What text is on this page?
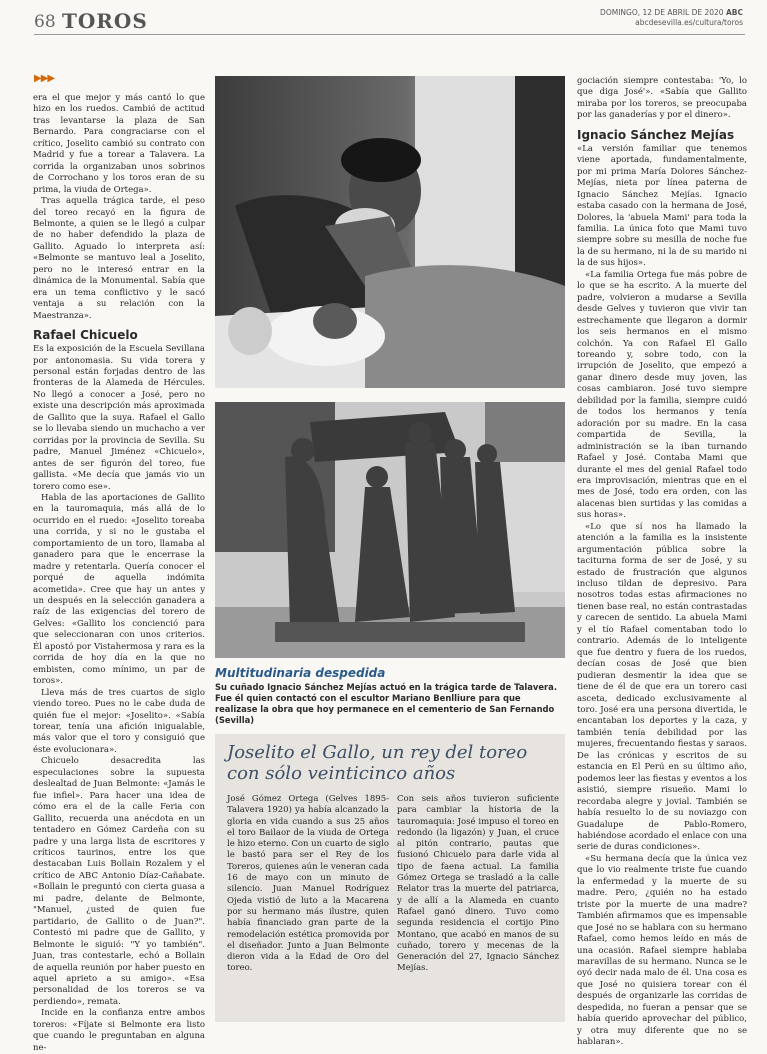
68 TOROS	DOMINGO, 12 DE ABRIL DE 2020 ABC
abcdesevilla.es/cultura/toros
▶▶▶

era el que mejor y más cantó lo que hizo en los ruedos. Cambió de actitud tras levantarse la plaza de San Bernardo. Para congraciarse con el crítico, Joselito cambió su contrato con Madrid y fue a torear a Talavera. La corrida la organizaban unos sobrinos de Corrochano y los toros eran de su prima, la viuda de Ortega».

Tras aquella trágica tarde, el peso del toreo recayó en la figura de Belmonte, a quien se le llegó a culpar de no haber defendido la plaza de Gallito. Aguado lo interpreta así: «Belmonte se mantuvo leal a Joselito, pero no le interesó entrar en la dinámica de la Monumental. Sabía que era un tema conflictivo y le sacó ventaja a su relación con la Maestranza».

Rafael Chicuelo

Es la exposición de la Escuela Sevillana por antonomasia. Su vida torera y personal están forjadas dentro de las fronteras de la Alameda de Hércules. No llegó a conocer a José, pero no existe una descripción más aproximada de Gallito que la suya. Rafael el Gallo se lo llevaba siendo un muchacho a ver corridas por la provincia de Sevilla. Su padre, Manuel Jiménez «Chicuelo», antes de ser figurón del toreo, fue gallista. «Me decía que jamás vio un torero como ese».

Habla de las aportaciones de Gallito en la tauromaquia, más allá de lo ocurrido en el ruedo: «Joselito toreaba una corrida, y si no le gustaba el comportamiento de un toro, llamaba al ganadero para que le encerrase la madre y retentarla. Quería conocer el porqué de aquella indómita acometida». Cree que hay un antes y un después en la selección ganadera a raíz de las exigencias del torero de Gelves: «Gallito los concienció para que seleccionaran con unos criterios. Él apostó por Vistahermosa y rara es la corrida de hoy día en la que no embisten, como mínimo, un par de toros».

Lleva más de tres cuartos de siglo viendo toreo. Pues no le cabe duda de quién fue el mejor: «Joselito». «Sabía torear, tenía una afición inigualable, más valor que el toro y consiguió que éste evolucionara».

Chicuelo desacredita las especulaciones sobre la supuesta deslealtad de Juan Belmonte: «Jamás le fue infiel». Para hacer una idea de cómo era el de la calle Feria con Gallito, recuerda una anécdota en un tentadero en Gómez Cardeña con su padre y una larga lista de escritores y críticos taurinos, entre los que destacaban Luis Bollain Rozalem y el crítico de ABC Antonio Díaz-Cañabate. «Bollain le preguntó con cierta guasa a mi padre, delante de Belmonte, "Manuel, ¿usted de quien fue partidario, de Gallito o de Juan?". Contestó mi padre que de Gallito, y Belmonte le siguió: "Y yo también". Juan, tras contestarle, echó a Bollain de aquella reunión por haber puesto en aquel aprieto a su amigo». «Esa personalidad de los toreros se va perdiendo», remata.

Incide en la confianza entre ambos toreros: «Fíjate si Belmonte era listo que cuando le preguntaban en alguna ne-

Multitudinaria despedida
Su cuñado Ignacio Sánchez Mejías actuó en la trágica tarde de Talavera. Fue él quien contactó con el escultor Mariano Benlliure para que realizase la obra que hoy permanece en el cementerio de San Fernando (Sevilla)
Joselito el Gallo, un rey del toreo con sólo veinticinco años
José Gómez Ortega (Gelves 1895-Talavera 1920) ya había alcanzado la gloria en vida cuando a sus 25 años el toro Bailaor de la viuda de Ortega le hizo eterno. Con un cuarto de siglo le bastó para ser el Rey de los Toreros, quienes aún le veneran cada 16 de mayo con un minuto de silencio. Juan Manuel Rodríguez Ojeda vistió de luto a la Macarena por su hermano más ilustre, quien había financiado gran parte de la remodelación estética promovida por el diseñador. Junto a Juan Belmonte dieron vida a la Edad de Oro del toreo.
Con seis años tuvieron suficiente para cambiar la historia de la tauromaquia: José impuso el toreo en redondo (la ligazón) y Juan, el cruce al pitón contrario, pautas que fusionó Chicuelo para darle vida al tipo de faena actual. La familia Gómez Ortega se trasladó a la calle Relator tras la muerte del patriarca, y de allí a la Alameda en cuanto Rafael ganó dinero. Tuvo como segunda residencia el cortijo Pino Montano, que acabó en manos de su cuñado, torero y mecenas de la Generación del 27, Ignacio Sánchez Mejías.

gociación siempre contestaba: 'Yo, lo que diga José'». «Sabía que Gallito miraba por los toreros, se preocupaba por las ganaderías y por el dinero».

Ignacio Sánchez Mejías

«La versión familiar que tenemos viene aportada, fundamentalmente, por mi prima María Dolores Sánchez-Mejías, nieta por línea paterna de Ignacio Sánchez Mejías. Ignacio estaba casado con la hermana de José, Dolores, la 'abuela Mami' para toda la familia. La única foto que Mami tuvo siempre sobre su mesilla de noche fue la de su hermano, ni la de su marido ni la de sus hijos».

«La familia Ortega fue más pobre de lo que se ha escrito. A la muerte del padre, volvieron a mudarse a Sevilla desde Gelves y tuvieron que vivir tan estrechamente que llegaron a dormir los seis hermanos en el mismo colchón. Ya con Rafael El Gallo toreando y, sobre todo, con la irrupción de Joselito, que empezó a ganar dinero desde muy joven, las cosas cambiaron. José tuvo siempre debilidad por la familia, siempre cuidó de todos los hermanos y tenía adoración por su madre. En la casa compartida de Sevilla, la administración se la iban turnando Rafael y José. Contaba Mami que durante el mes del genial Rafael todo era improvisación, mientras que en el mes de José, todo era orden, con las alacenas bien surtidas y las comidas a sus horas».

«Lo que sí nos ha llamado la atención a la familia es la insistente argumentación pública sobre la taciturna forma de ser de José, y su estado de frustración que algunos incluso tildan de depresivo. Para nosotros todas estas afirmaciones no tienen base real, no están contrastadas y carecen de sentido. La abuela Mami y el tío Rafael comentaban todo lo contrario. Además de lo inteligente que fue dentro y fuera de los ruedos, decían cosas de José que bien pudieran desmentir la idea que se tiene de él de que era un torero casi asceta, dedicado exclusivamente al toro. José era una persona divertida, le encantaban los deportes y la caza, y también tenía debilidad por las mujeres, frecuentando fiestas y saraos. De las crónicas y escritos de su estancia en El Perú en su último año, podemos leer las fiestas y eventos a los asistió, siempre risueño. Mami lo recordaba alegre y jovial. También se había resuelto lo de su noviazgo con Guadalupe de Pablo-Romero, habiéndose acordado el enlace con una serie de duras condiciones».

«Su hermana decía que la única vez que lo vio realmente triste fue cuando la enfermedad y la muerte de su madre. Pero, ¿quién no ha estado triste por la muerte de una madre? También afirmamos que es impensable que José no se hablara con su hermano Rafael, como hemos leído en más de una ocasión. Rafael siempre hablaba maravillas de su hermano. Nunca se le oyó decir nada malo de él. Una cosa es que José no quisiera torear con él después de organizarle las corridas de despedida, no fueran a pensar que se había querido aprovechar del público, y otra muy diferente que no se hablaran».
